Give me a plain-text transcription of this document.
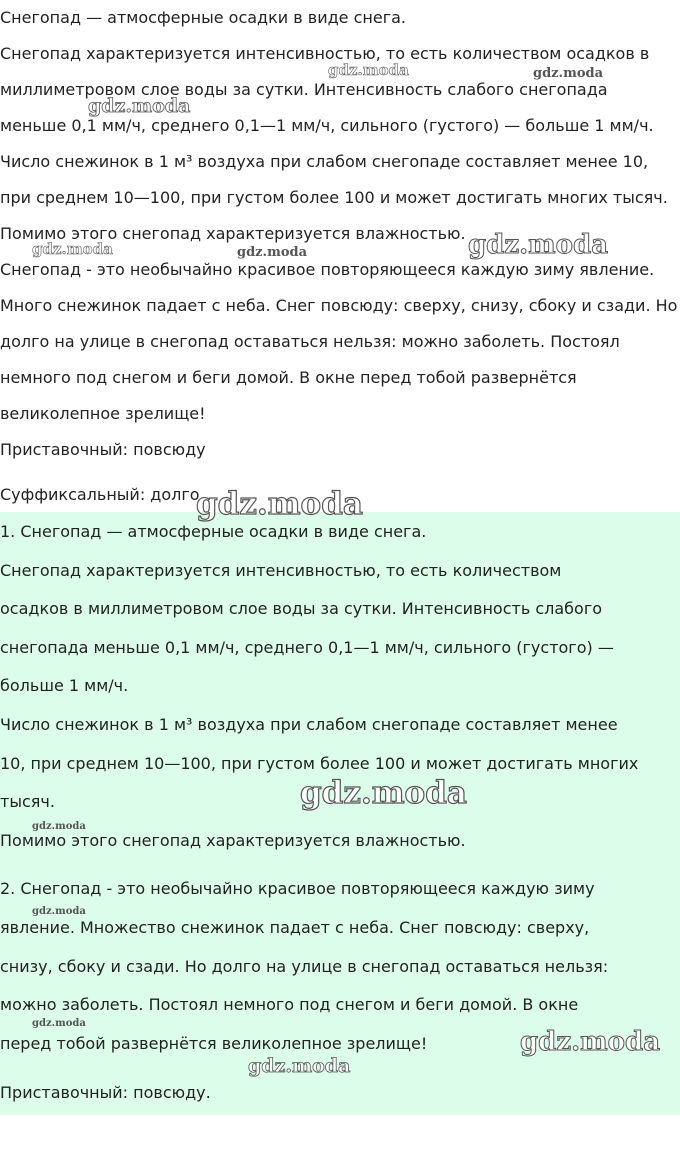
Снегопад — атмосферные осадки в виде снега.
Снегопад характеризуется интенсивностью, то есть количеством осадков в
миллиметровом слое воды за сутки. Интенсивность слабого снегопада
меньше 0,1 мм/ч, среднего 0,1—1 мм/ч, сильного (густого) — больше 1 мм/ч.
Число снежинок в 1 м³ воздуха при слабом снегопаде составляет менее 10,
при среднем 10—100, при густом более 100 и может достигать многих тысяч.
Помимо этого снегопад характеризуется влажностью.
Снегопад - это необычайно красивое повторяющееся каждую зиму явление.
Много снежинок падает с неба. Снег повсюду: сверху, снизу, сбоку и сзади. Но
долго на улице в снегопад оставаться нельзя: можно заболеть. Постоял
немного под снегом и беги домой. В окне перед тобой развернётся
великолепное зрелище!
Приставочный: повсюду
Суффиксальный: долго
1. Снегопад — атмосферные осадки в виде снега.
Снегопад характеризуется интенсивностью, то есть количеством
осадков в миллиметровом слое воды за сутки. Интенсивность слабого
снегопада меньше 0,1 мм/ч, среднего 0,1—1 мм/ч, сильного (густого) —
больше 1 мм/ч.
Число снежинок в 1 м³ воздуха при слабом снегопаде составляет менее
10, при среднем 10—100, при густом более 100 и может достигать многих
тысяч.
Помимо этого снегопад характеризуется влажностью.
2. Снегопад - это необычайно красивое повторяющееся каждую зиму
явление. Множество снежинок падает с неба. Снег повсюду: сверху,
снизу, сбоку и сзади. Но долго на улице в снегопад оставаться нельзя:
можно заболеть. Постоял немного под снегом и беги домой. В окне
перед тобой развернётся великолепное зрелище!
Приставочный: повсюду.
gdz.moda	gdz.moda
gdz.moda
gdz.moda	gdz.moda	gdz.moda
gdz.moda
gdz.moda
gdz.moda
gdz.moda
gdz.moda
gdz.moda
gdz.moda
